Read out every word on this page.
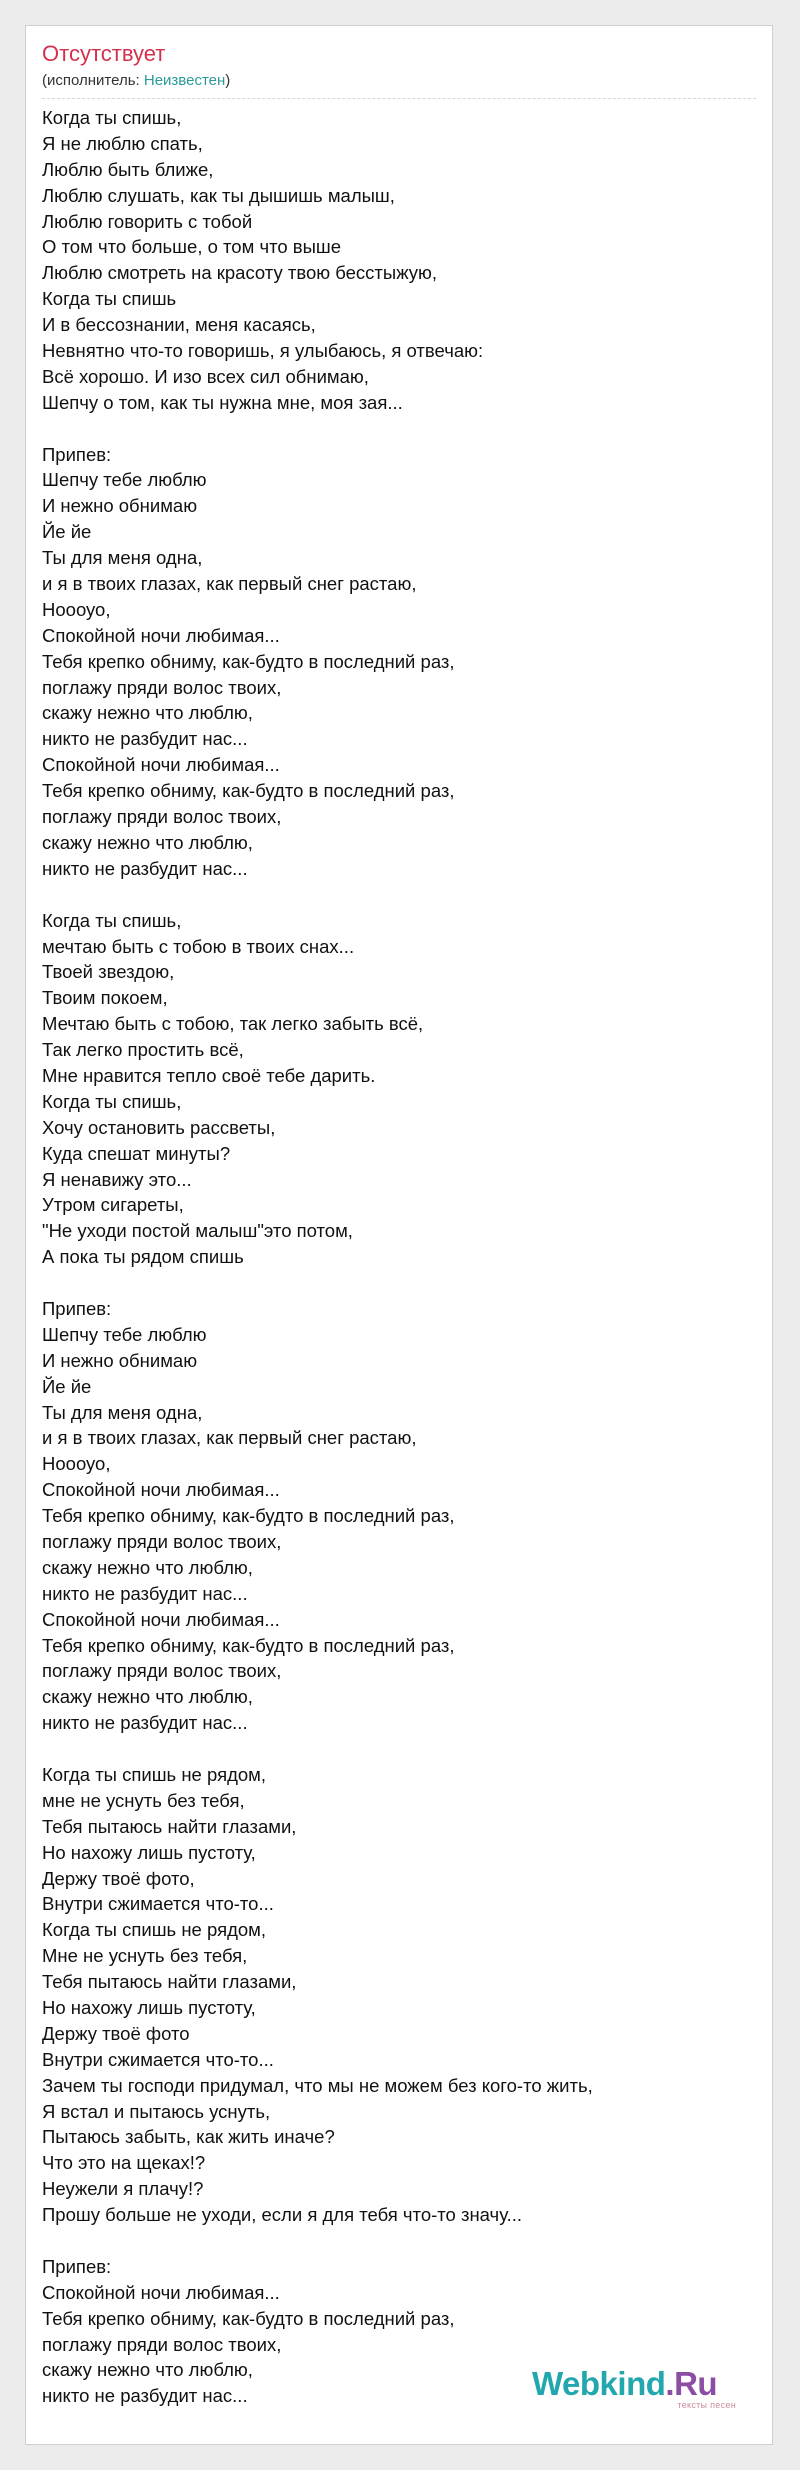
Отсутствует
(исполнитель: Неизвестен)
Когда ты спишь,
Я не люблю спать,
Люблю быть ближе,
Люблю слушать, как ты дышишь малыш,
Люблю говорить с тобой
О том что больше, о том что выше
Люблю смотреть на красоту твою бесстыжую,
Когда ты спишь
И в бессознании, меня касаясь,
Невнятно что-то говоришь, я улыбаюсь, я отвечаю:
Всё хорошо. И изо всех сил обнимаю,
Шепчу о том, как ты нужна мне, моя зая...
Припев:
Шепчу тебе люблю
И нежно обнимаю
Йе йе
Ты для меня одна,
и я в твоих глазах, как первый снег растаю,
Ноооуо,
Спокойной ночи любимая...
Тебя крепко обниму, как-будто в последний раз,
поглажу пряди волос твоих,
скажу нежно что люблю,
никто не разбудит нас...
Спокойной ночи любимая...
Тебя крепко обниму, как-будто в последний раз,
поглажу пряди волос твоих,
скажу нежно что люблю,
никто не разбудит нас...
Когда ты спишь,
мечтаю быть с тобою в твоих снах...
Твоей звездою,
Твоим покоем,
Мечтаю быть с тобою, так легко забыть всё,
Так легко простить всё,
Мне нравится тепло своё тебе дарить.
Когда ты спишь,
Хочу остановить рассветы,
Куда спешат минуты?
Я ненавижу это...
Утром сигареты,
"Не уходи постой малыш"это потом,
А пока ты рядом спишь
Припев:
Шепчу тебе люблю
И нежно обнимаю
Йе йе
Ты для меня одна,
и я в твоих глазах, как первый снег растаю,
Ноооуо,
Спокойной ночи любимая...
Тебя крепко обниму, как-будто в последний раз,
поглажу пряди волос твоих,
скажу нежно что люблю,
никто не разбудит нас...
Спокойной ночи любимая...
Тебя крепко обниму, как-будто в последний раз,
поглажу пряди волос твоих,
скажу нежно что люблю,
никто не разбудит нас...
Когда ты спишь не рядом,
мне не уснуть без тебя,
Тебя пытаюсь найти глазами,
Но нахожу лишь пустоту,
Держу твоё фото,
Внутри сжимается что-то...
Когда ты спишь не рядом,
Мне не уснуть без тебя,
Тебя пытаюсь найти глазами,
Но нахожу лишь пустоту,
Держу твоё фото
Внутри сжимается что-то...
Зачем ты господи придумал, что мы не можем без кого-то жить,
Я встал и пытаюсь уснуть,
Пытаюсь забыть, как жить иначе?
Что это на щеках!?
Неужели я плачу!?
Прошу больше не уходи, если я для тебя что-то значу...
Припев:
Спокойной ночи любимая...
Тебя крепко обниму, как-будто в последний раз,
поглажу пряди волос твоих,
скажу нежно что люблю,
никто не разбудит нас...	Webkind.Ru
тексты песен
